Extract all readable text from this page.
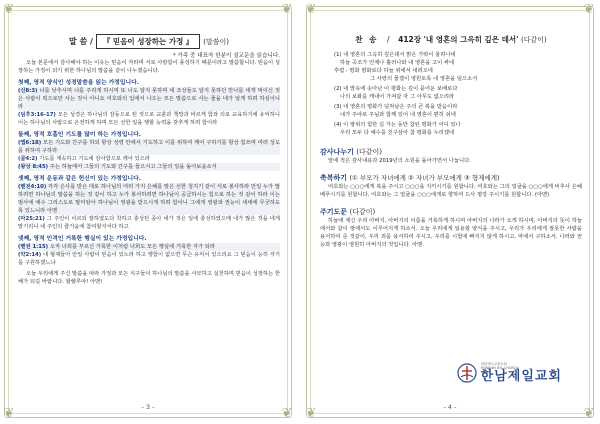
❦	❦
❦	❦
말 씀 / 『 믿음이 성장하는 가정 』 (말씀이)
* 가족 중 대표자 한분이 설교문을 읽습니다.

오늘 본문에서 감사해야 하는 이유는 믿음이 자라며 서로 사랑함이 풍성하기 때문이라고 말씀합니다. 믿음이 성장하는 가정이 되기 위한 하나님의 말씀을 같이 나누겠습니다.

첫째, 영적 양식인 성경말씀을 읽는 가정입니다.

(신8:3) 너를 낮추시며 너를 주리게 하시며 또 너도 알지 못하며 네 조상들도 알지 못하던 만나를 네게 먹이신 것은 사람이 떡으로만 사는 것이 아니요 여호와의 입에서 나오는 모든 말씀으로 사는 줄을 네가 알게 하려 하심이니라

(딤후3:16-17) 모든 성경은 하나님의 감동으로 된 것으로 교훈과 책망과 바르게 함과 의로 교육하기에 유익하니 이는 하나님의 사람으로 온전하게 하며 모든 선한 일을 행할 능력을 갖추게 하려 함이라

둘째, 영적 호흡인 기도를 많이 하는 가정입니다.

(엡6:18) 모든 기도와 간구를 하되 항상 성령 안에서 기도하고 이를 위하여 깨어 구하기를 항상 힘쓰며 여러 성도를 위하여 구하라

(골4:2) 기도를 계속하고 기도에 감사함으로 깨어 있으라

(왕상 8:45) 주는 하늘에서 그들의 기도와 간구를 들으시고 그들의 일을 돌아보옵소서

셋째, 영적 운동과 같은 헌신이 있는 가정입니다.

(벧전4:10) 각각 은사를 받은 대로 하나님의 여러 가지 은혜를 맡은 선한 청지기 같이 서로 봉사하라 만일 누가 말하려면 하나님의 말씀을 하는 것 같이 하고 누가 봉사하려면 하나님이 공급하시는 힘으로 하는 것 같이 하라 이는 범사에 예수 그리스도로 말미암아 하나님이 영광을 받으시게 하려 함이니 그에게 영광과 권능이 세세에 무궁하도록 있느니라 아멘

(마25:21) 그 주인이 이르되 잘하였도다 착하고 충성된 종아 네가 적은 일에 충성하였으매 내가 많은 것을 네게 맡기리니 네 주인의 즐거움에 참여할지어다 하고

넷째, 영적 인격인 거룩한 행실이 있는 가정입니다.

(벧전 1:15) 오직 너희를 부르신 거룩한 이처럼 너희도 모든 행실에 거룩한 자가 되라

(약2:14) 내 형제들아 만일 사람이 믿음이 있노라 하고 행함이 없으면 무슨 유익이 있으리요 그 믿음이 능히 자기를 구원하겠느냐

오늘 우리에게 주신 말씀을 따라 가정과 모든 식구들이 하나님의 말씀을 사모하고 실천하며 믿음이 성장하는 한해가 되길 바랍니다. 할렐루야! 아멘!

- 3 -
❦	❦
❦	❦
찬 송 / 412장 '내 영혼의 그윽히 깊은 데서' (다같이)

(1) 내 영혼의 그윽히 깊은데서 맑은 가락이 울려나네

하늘 곡조가 언제나 흘러나와 내 영혼을 고이 싸네

후렴 : 평화 평화로다 하늘 위에서 내려오네

그 사랑의 물결이 영원토록 내 영혼을 덮으소서

(2) 내 맘속에 솟아난 이 평화는 깊이 묻어둔 보배로다

나의 보화를 캐내어 가져갈 자 그 아무도 없으리라

(3) 내 영혼의 평화가 넘쳐남은 주의 큰 복을 받음이라

내가 주야로 주님과 함께 있어 내 영혼이 편히 쉬네

(4) 이 땅위의 험한 길 가는 동안 참된 평화가 어디 있나

우리 모두 다 예수를 친구삼아 참 평화를 누리겠네

감사나누기 (다같이)

앞에 적은 감사내용과 2019년의 소원을 돌아가면서 나눕니다.

축복하기 (① 부모가 자녀에게 ② 자녀가 부모에게 ③ 형제에게)

여호와는 ○○○에게 복을 주시고 ○○○을 지키시기를 원합니다. 여호와는 그의 얼굴을 ○○○에게 비추사 은혜 베푸시기를 원합니다. 여호와는 그 얼굴을 ○○○에게로 향하여 드사 평강 주시기를 원합니다. (아멘)

주기도문 (다같이)

하늘에 계신 우리 아버지, 아버지의 이름을 거룩하게 하시며 아버지의 나라가 오게 하시며, 아버지의 뜻이 하늘에서와 같이 땅에서도 이루어지게 하소서. 오늘 우리에게 일용할 양식을 주시고, 우리가 우리에게 잘못한 사람을 용서하여 준 것같이, 우리 죄를 용서하여 주시고, 우리를 시험에 빠지지 않게 하시고, 악에서 구하소서. 나라와 권능과 영광이 영원히 아버지의 것입니다. 아멘.

대한예수교장로회
HANNAM JEIL CHURCH
한남제일교회
- 4 -
